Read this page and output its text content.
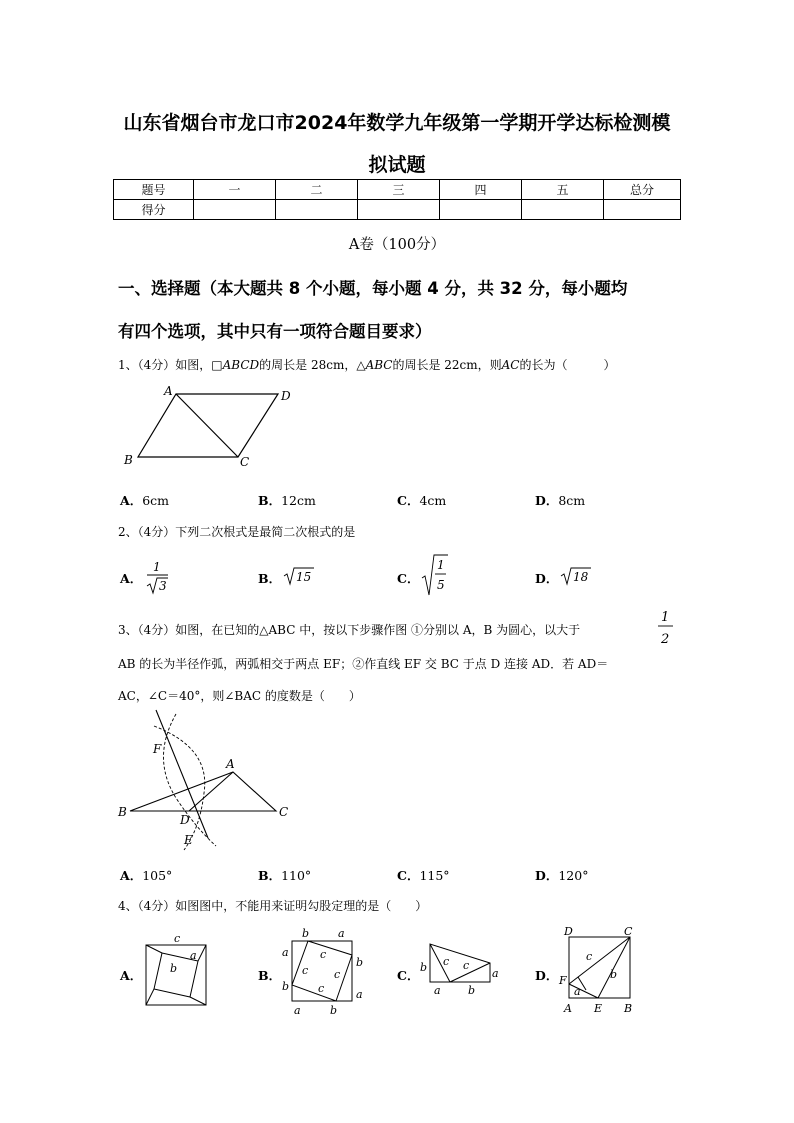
山东省烟台市龙口市2024年数学九年级第一学期开学达标检测模
拟试题
题号	一	二	三	四	五	总分
得分						
A卷（100分）
一、选择题（本大题共 8 个小题，每小题 4 分，共 32 分，每小题均
有四个选项，其中只有一项符合题目要求）
1、（4分）如图，□ABCD的周长是 28cm，△ABC的周长是 22cm，则AC的长为（　　　）
A	D
B	C
A．6cm	B．12cm	C．4cm	D．8cm
2、（4分）下列二次根式是最简二次根式的是
A．
1
3	B． 15	C．
1
5	D． 18
3、（4分）如图，在已知的△ABC 中，按以下步骤作图 ①分别以 A，B 为圆心，以大于
1
2
AB 的长为半径作弧，两弧相交于两点 EF；②作直线 EF 交 BC 于点 D 连接 AD．若 AD＝
AC，∠C＝40°，则∠BAC 的度数是（　　）
F
A
B	C
D
E
A．105°	B．110°	C．115°	D．120°
4、（4分）如图图中，不能用来证明勾股定理的是（　　）
A．
c
a
b	B．
b	a
a
b
b
a
a	b
c
c c
c
C．
b c c
a
a b
D．
D	C
c
b
F
a
A E B
